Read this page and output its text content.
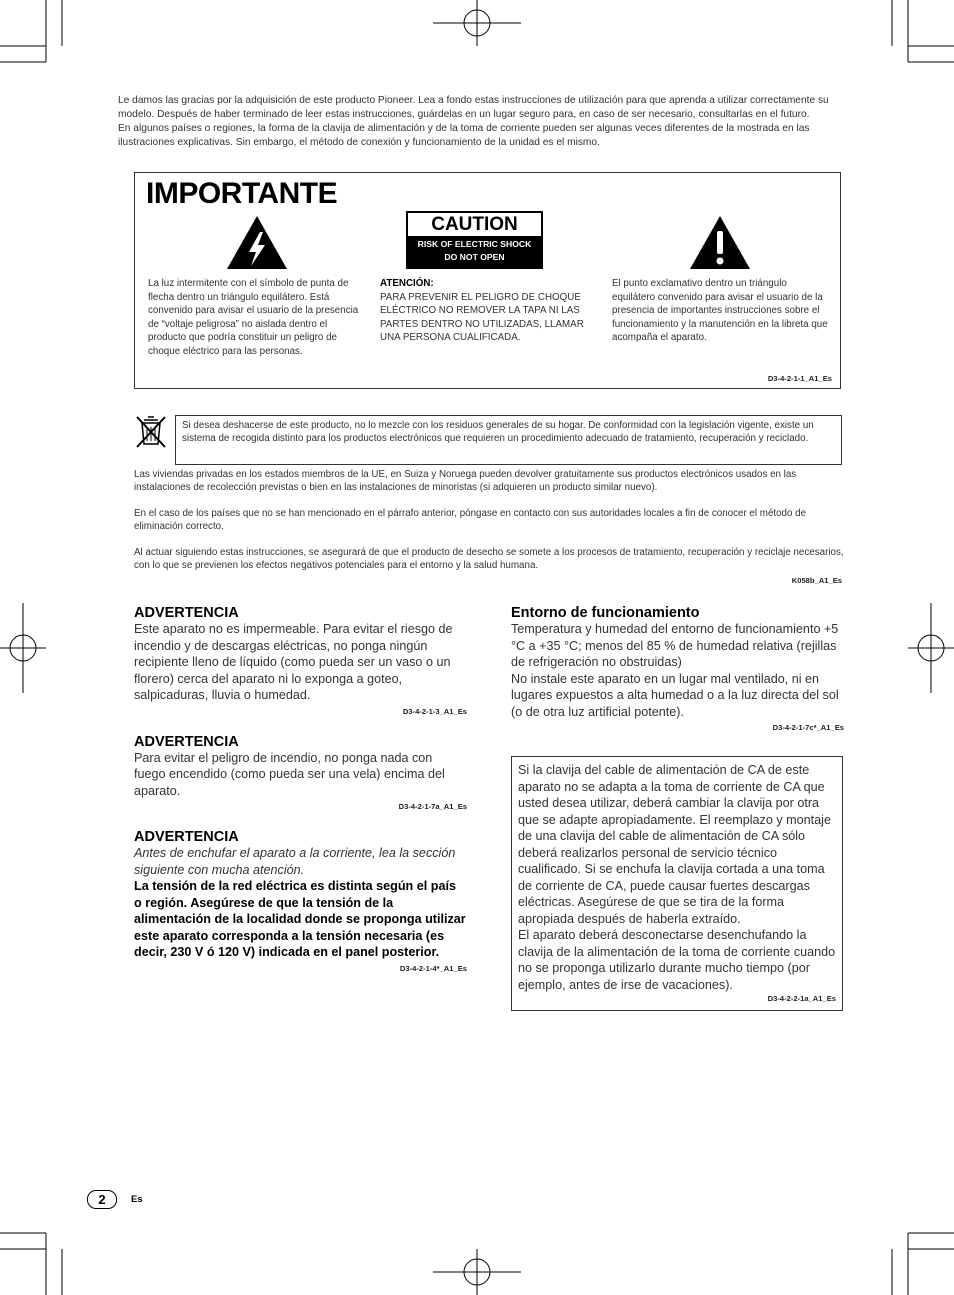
Le damos las gracias por la adquisición de este producto Pioneer. Lea a fondo estas instrucciones de utilización para que aprenda a utilizar correctamente su modelo. Después de haber terminado de leer estas instrucciones, guárdelas en un lugar seguro para, en caso de ser necesario, consultarlas en el futuro.
En algunos países o regiones, la forma de la clavija de alimentación y de la toma de corriente pueden ser algunas veces diferentes de la mostrada en las ilustraciones explicativas. Sin embargo, el método de conexión y funcionamiento de la unidad es el mismo.
IMPORTANTE
CAUTION
RISK OF ELECTRIC SHOCK
DO NOT OPEN
La luz intermitente con el símbolo de punta de flecha dentro un triángulo equilátero. Está convenido para avisar el usuario de la presencia de “voltaje peligrosa” no aislada dentro el producto que podría constituir un peligro de choque eléctrico para las personas.
ATENCIÓN:
PARA PREVENIR EL PELIGRO DE CHOQUE ELÉCTRICO NO REMOVER LA TAPA NI LAS PARTES DENTRO NO UTILIZADAS, LLAMAR UNA PERSONA CUALIFICADA.
El punto exclamativo dentro un triángulo equilátero convenido para avisar el usuario de la presencia de importantes instrucciones sobre el funcionamiento y la manutención en la libreta que acompaña el aparato.
D3-4-2-1-1_A1_Es
Si desea deshacerse de este producto, no lo mezcle con los residuos generales de su hogar. De conformidad con la legislación vigente, existe un sistema de recogida distinto para los productos electrónicos que requieren un procedimiento adecuado de tratamiento, recuperación y reciclado.
Las viviendas privadas en los estados miembros de la UE, en Suiza y Noruega pueden devolver gratuitamente sus productos electrónicos usados en las instalaciones de recolección previstas o bien en las instalaciones de minoristas (si adquieren un producto similar nuevo).
En el caso de los países que no se han mencionado en el párrafo anterior, póngase en contacto con sus autoridades locales a fin de conocer el método de eliminación correcto.
Al actuar siguiendo estas instrucciones, se asegurará de que el producto de desecho se somete a los procesos de tratamiento, recuperación y reciclaje necesarios, con lo que se previenen los efectos negativos potenciales para el entorno y la salud humana.
K058b_A1_Es
ADVERTENCIA
Este aparato no es impermeable. Para evitar el riesgo de incendio y de descargas eléctricas, no ponga ningún recipiente lleno de líquido (como pueda ser un vaso o un florero) cerca del aparato ni lo exponga a goteo, salpicaduras, lluvia o humedad.
D3-4-2-1-3_A1_Es
ADVERTENCIA
Para evitar el peligro de incendio, no ponga nada con fuego encendido (como pueda ser una vela) encima del aparato.
D3-4-2-1-7a_A1_Es
ADVERTENCIA
Antes de enchufar el aparato a la corriente, lea la sección siguiente con mucha atención.
La tensión de la red eléctrica es distinta según el país o región. Asegúrese de que la tensión de la alimentación de la localidad donde se proponga utilizar este aparato corresponda a la tensión necesaria (es decir, 230 V ó 120 V) indicada en el panel posterior.
D3-4-2-1-4*_A1_Es
Entorno de funcionamiento
Temperatura y humedad del entorno de funcionamiento +5 °C a +35 °C; menos del 85 % de humedad relativa (rejillas de refrigeración no obstruidas)
No instale este aparato en un lugar mal ventilado, ni en lugares expuestos a alta humedad o a la luz directa del sol (o de otra luz artificial potente).
D3-4-2-1-7c*_A1_Es
Si la clavija del cable de alimentación de CA de este aparato no se adapta a la toma de corriente de CA que usted desea utilizar, deberá cambiar la clavija por otra que se adapte apropiadamente. El reemplazo y montaje de una clavija del cable de alimentación de CA sólo deberá realizarlos personal de servicio técnico cualificado. Si se enchufa la clavija cortada a una toma de corriente de CA, puede causar fuertes descargas eléctricas. Asegúrese de que se tira de la forma apropiada después de haberla extraído.
El aparato deberá desconectarse desenchufando la clavija de la alimentación de la toma de corriente cuando no se proponga utilizarlo durante mucho tiempo (por ejemplo, antes de irse de vacaciones).
D3-4-2-2-1a_A1_Es
2	Es
